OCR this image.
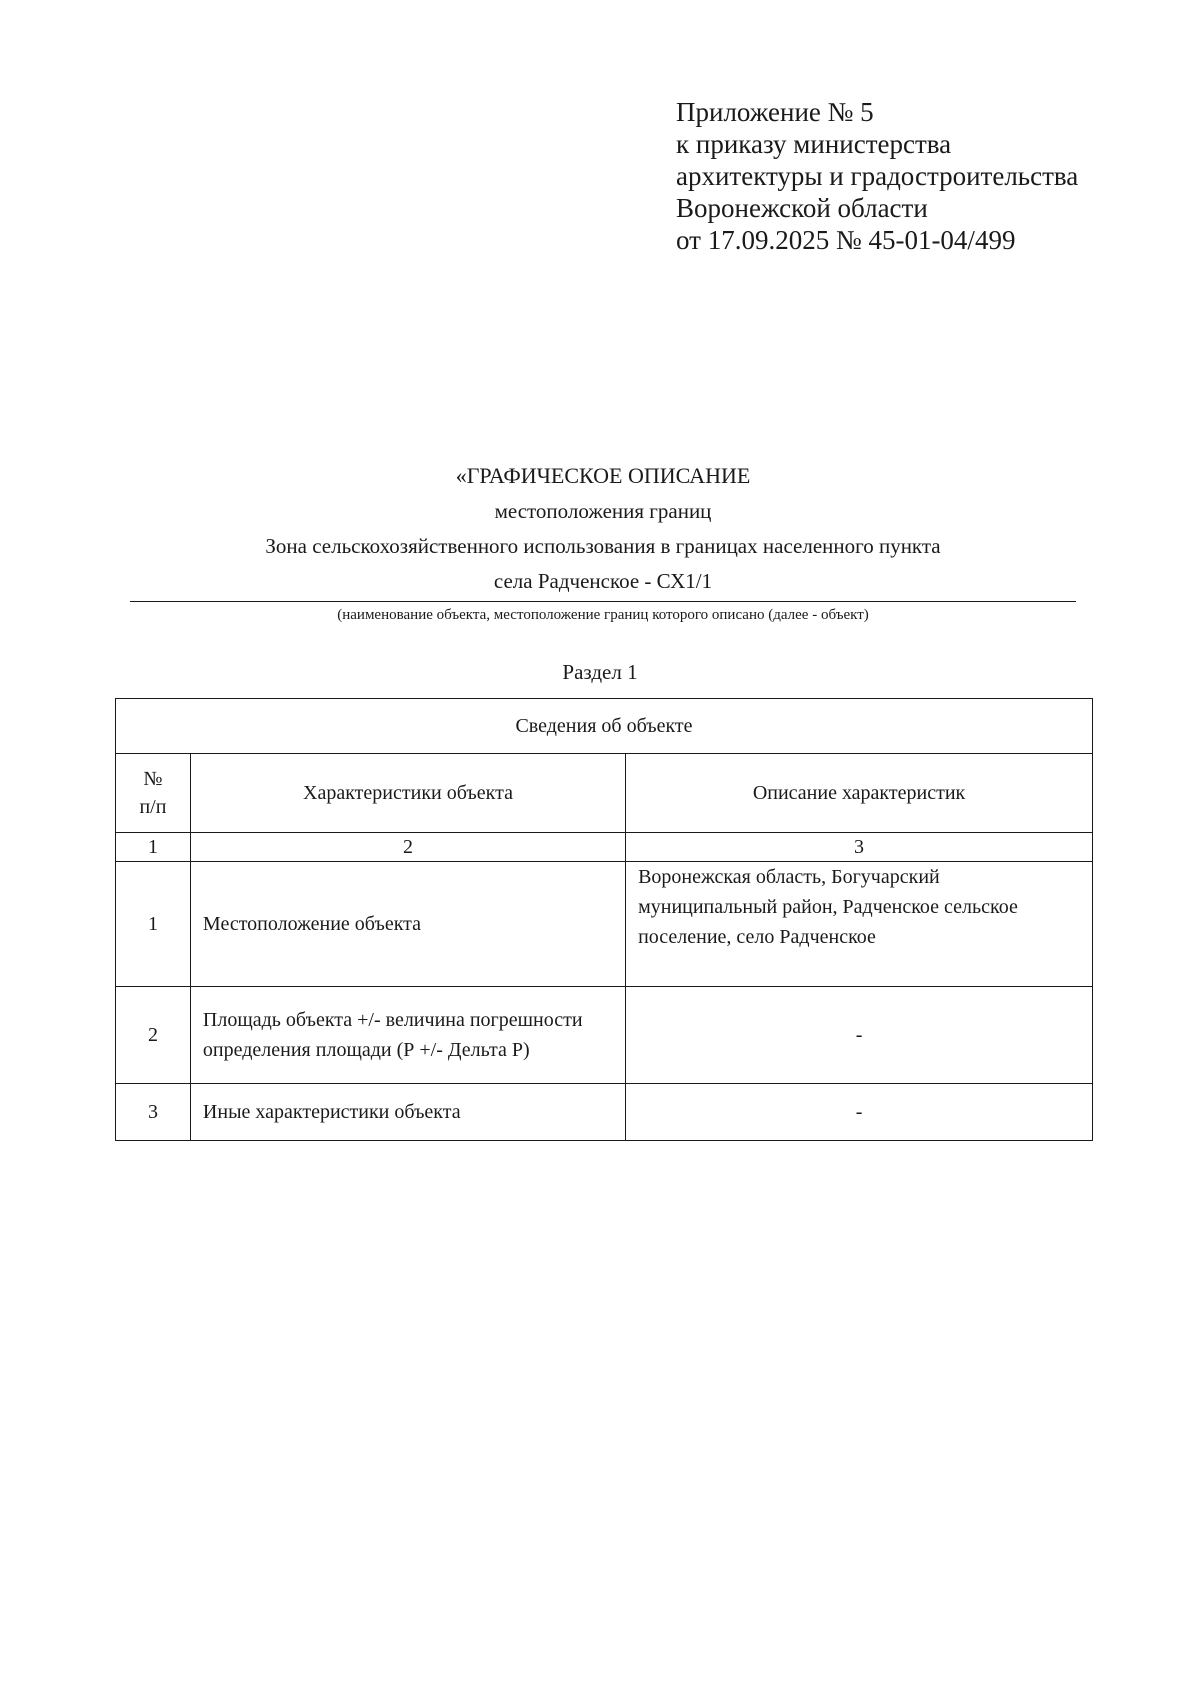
Приложение № 5
к приказу министерства
архитектуры и градостроительства
Воронежской области
от 17.09.2025 № 45-01-04/499
«ГРАФИЧЕСКОЕ ОПИСАНИЕ
местоположения границ
Зона сельскохозяйственного использования в границах населенного пункта
села Радченское - СХ1/1
(наименование объекта, местоположение границ которого описано (далее - объект)
Раздел 1
Сведения об объекте		
№ п/п	Характеристики объекта	Описание характеристик
1	2	3
1	Местоположение объекта	Воронежская область, Богучарский муниципальный район, Радченское сельское поселение, село Радченское
2	Площадь объекта +/- величина погрешности определения площади (Р +/- Дельта Р)	-
3	Иные характеристики объекта	-
